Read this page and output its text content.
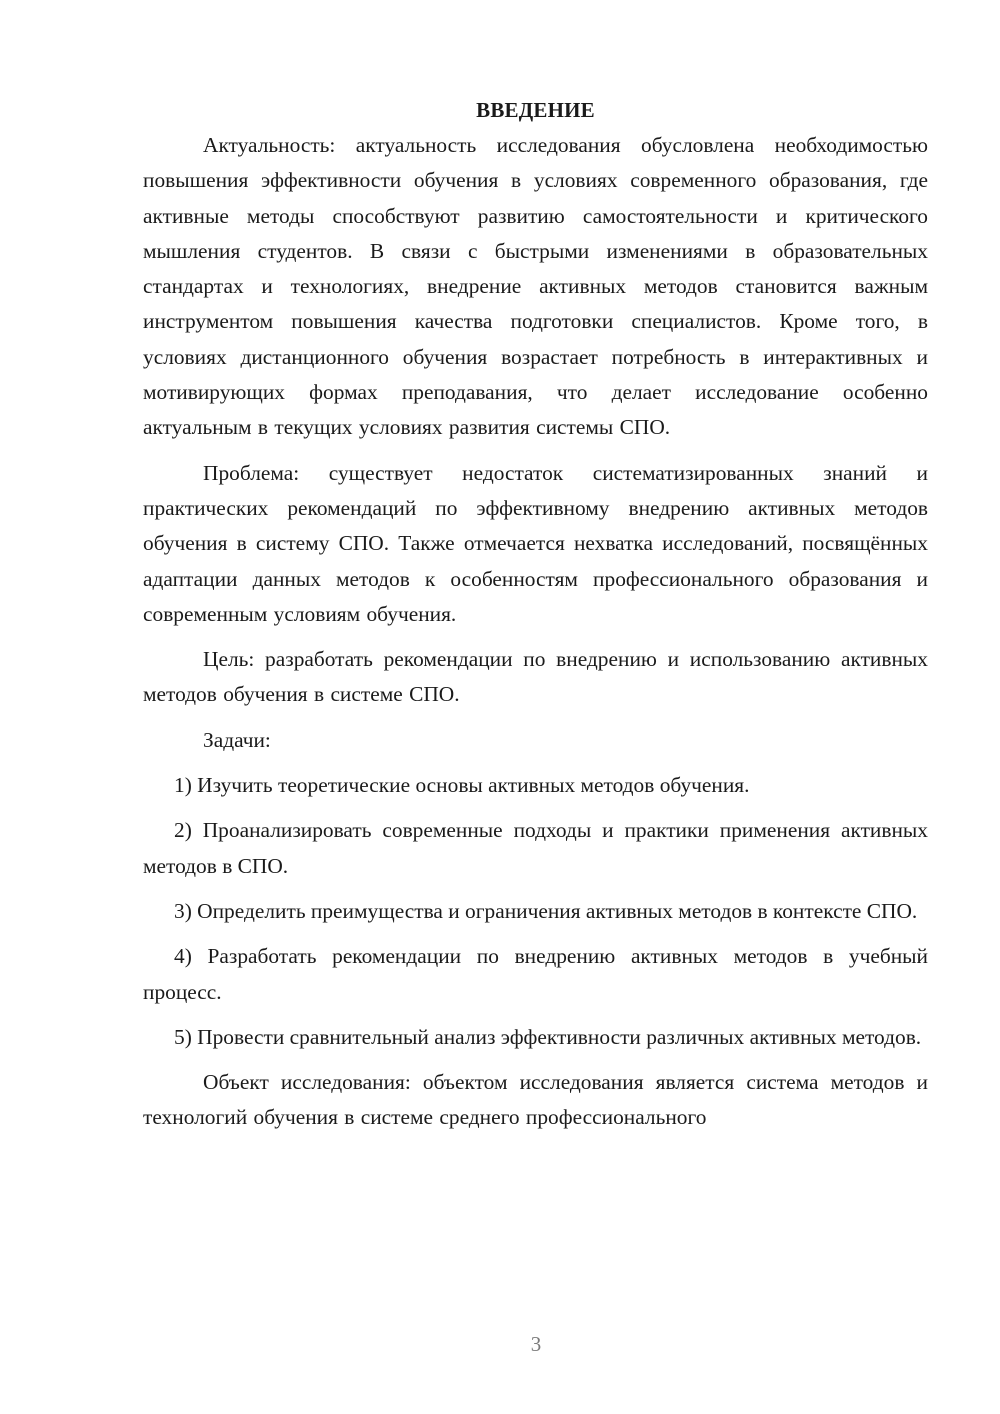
ВВЕДЕНИЕ

Актуальность: актуальность исследования обусловлена необходимостью повышения эффективности обучения в условиях современного образования, где активные методы способствуют развитию самостоятельности и критического мышления студентов. В связи с быстрыми изменениями в образовательных стандартах и технологиях, внедрение активных методов становится важным инструментом повышения качества подготовки специалистов. Кроме того, в условиях дистанционного обучения возрастает потребность в интерактивных и мотивирующих формах преподавания, что делает исследование особенно актуальным в текущих условиях развития системы СПО.

Проблема: существует недостаток систематизированных знаний и практических рекомендаций по эффективному внедрению активных методов обучения в систему СПО. Также отмечается нехватка исследований, посвящённых адаптации данных методов к особенностям профессионального образования и современным условиям обучения.

Цель: разработать рекомендации по внедрению и использованию активных методов обучения в системе СПО.

Задачи:

1) Изучить теоретические основы активных методов обучения.

2) Проанализировать современные подходы и практики применения активных методов в СПО.

3) Определить преимущества и ограничения активных методов в контексте СПО.

4) Разработать рекомендации по внедрению активных методов в учебный процесс.

5) Провести сравнительный анализ эффективности различных активных методов.

Объект исследования: объектом исследования является система методов и технологий обучения в системе среднего профессионального

3
